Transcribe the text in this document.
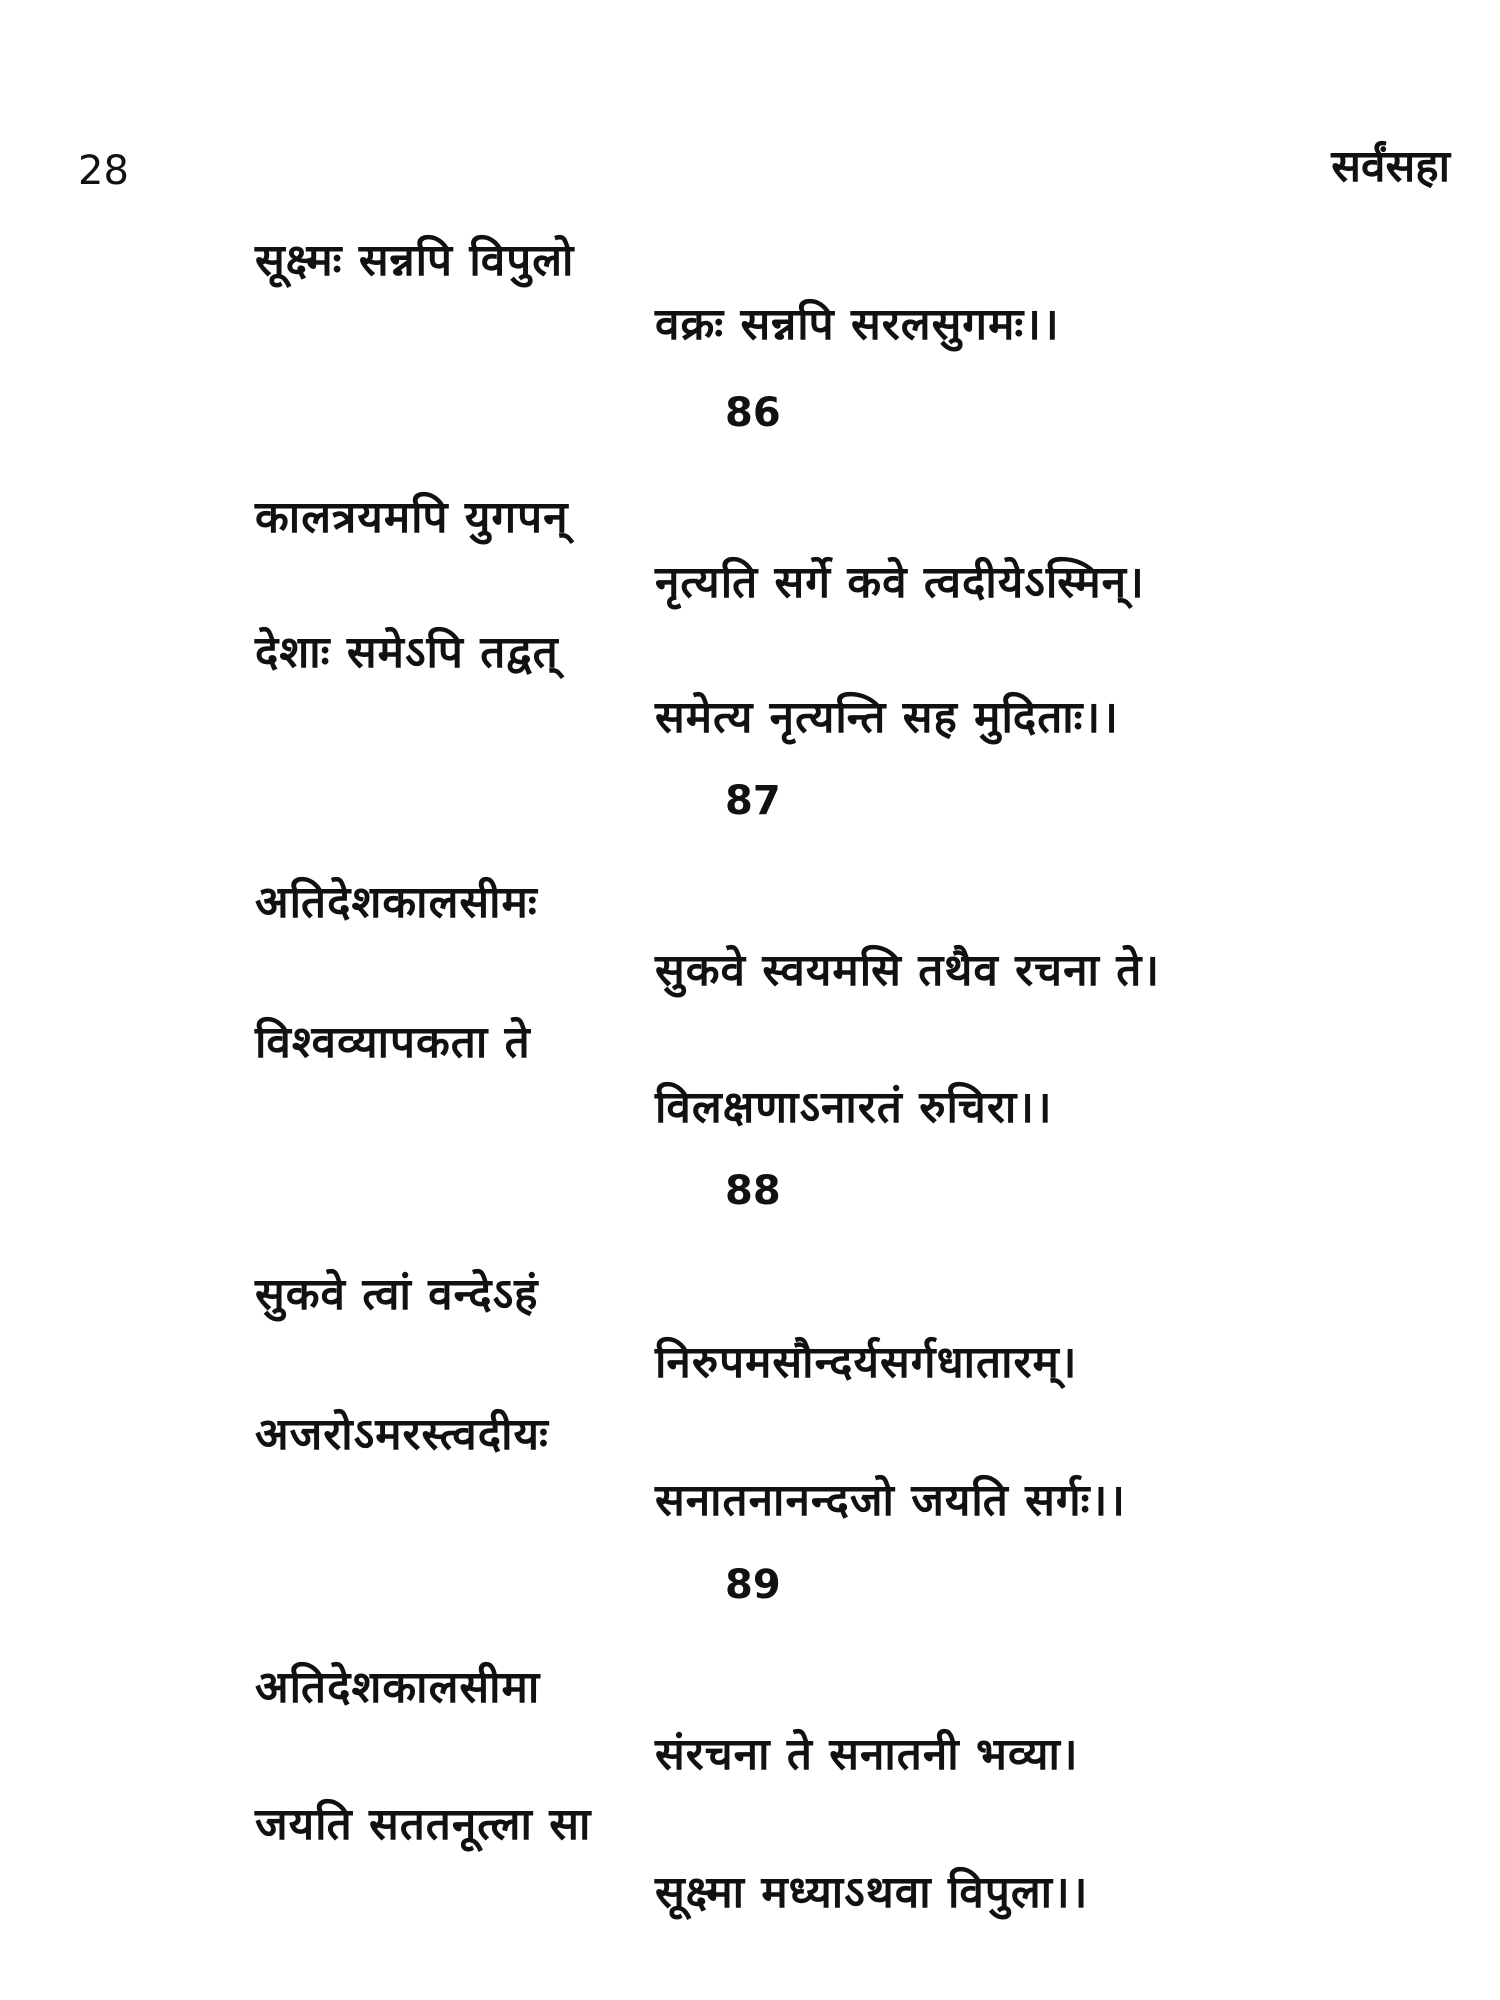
28	सर्वंसहा
सूक्ष्मः सन्नपि विपुलो
वक्रः सन्नपि सरलसुगमः।।
86
कालत्रयमपि युगपन्
नृत्यति सर्गे कवे त्वदीयेऽस्मिन्।
देशाः समेऽपि तद्वत्
समेत्य नृत्यन्ति सह मुदिताः।।
87
अतिदेशकालसीमः
सुकवे स्वयमसि तथैव रचना ते।
विश्वव्यापकता ते
विलक्षणाऽनारतं रुचिरा।।
88
सुकवे त्वां वन्देऽहं
निरुपमसौन्दर्यसर्गधातारम्।
अजरोऽमरस्त्वदीयः
सनातनानन्दजो जयति सर्गः।।
89
अतिदेशकालसीमा
संरचना ते सनातनी भव्या।
जयति सततनूत्ला सा
सूक्ष्मा मध्याऽथवा विपुला।।
